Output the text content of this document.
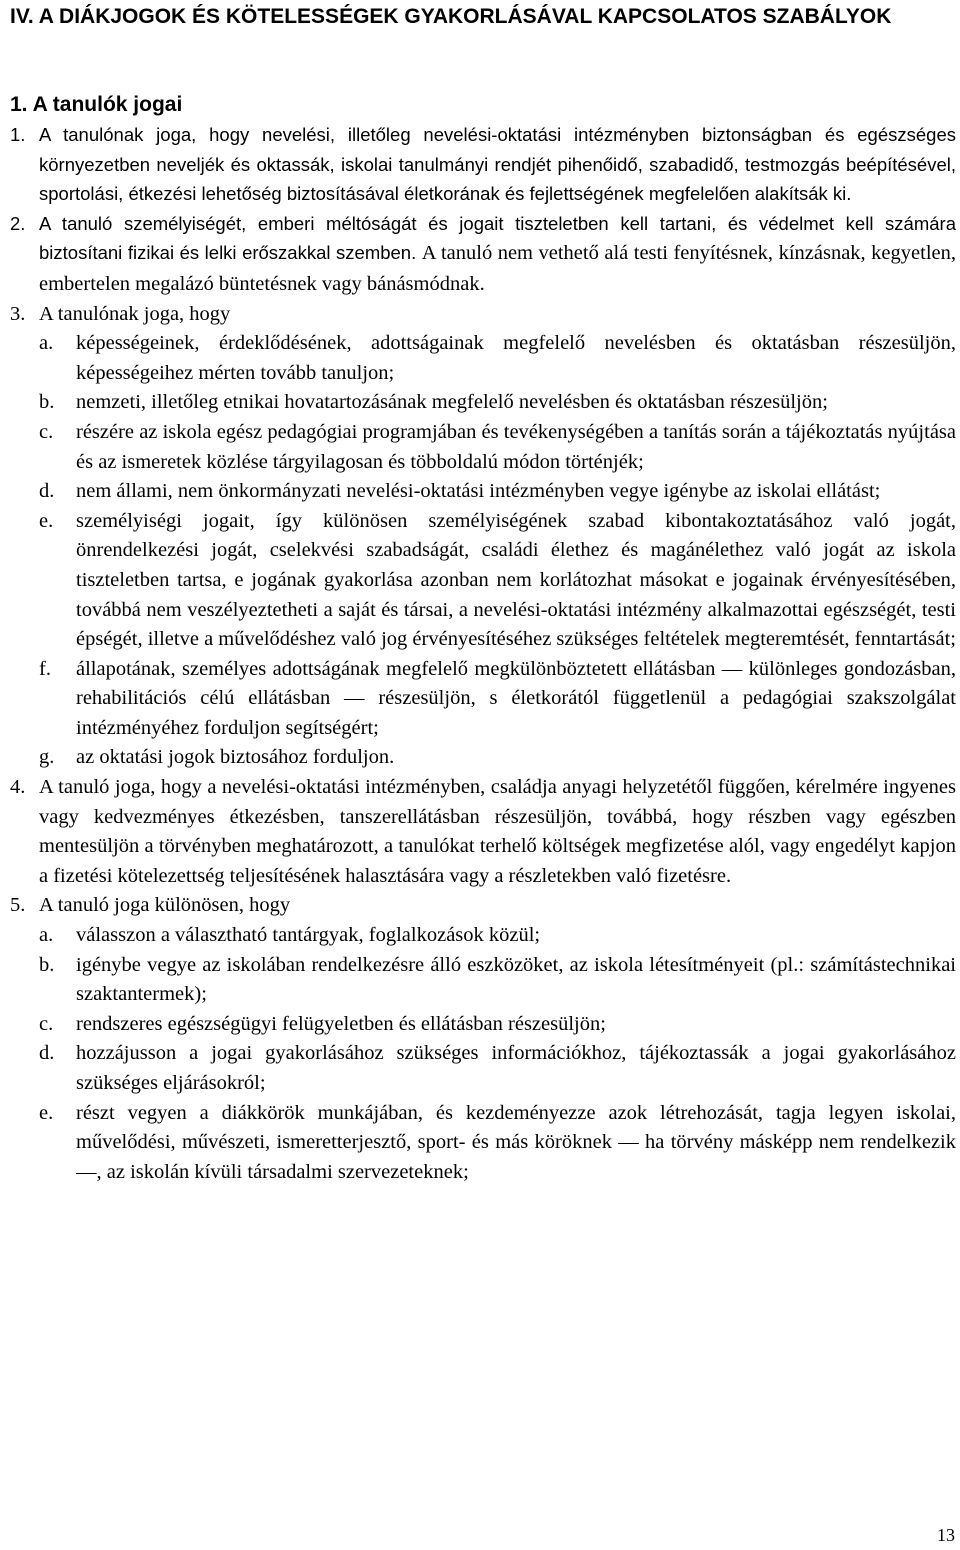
IV. A DIÁKJOGOK ÉS KÖTELESSÉGEK GYAKORLÁSÁVAL KAPCSOLATOS SZABÁLYOK
1. A tanulók jogai
1. A tanulónak joga, hogy nevelési, illetőleg nevelési-oktatási intézményben biztonságban és egészséges környezetben neveljék és oktassák, iskolai tanulmányi rendjét pihenőidő, szabadidő, testmozgás beépítésével, sportolási, étkezési lehetőség biztosításával életkorának és fejlettségének megfelelően alakítsák ki.
2. A tanuló személyiségét, emberi méltóságát és jogait tiszteletben kell tartani, és védelmet kell számára biztosítani fizikai és lelki erőszakkal szemben. A tanuló nem vethető alá testi fenyítésnek, kínzásnak, kegyetlen, embertelen megalázó büntetésnek vagy bánásmódnak.
3. A tanulónak joga, hogy
a.	képességeinek, érdeklődésének, adottságainak megfelelő nevelésben és oktatásban részesüljön, képességeihez mérten tovább tanuljon;
b.	nemzeti, illetőleg etnikai hovatartozásának megfelelő nevelésben és oktatásban részesüljön;
c.	részére az iskola egész pedagógiai programjában és tevékenységében a tanítás során a tájékoztatás nyújtása és az ismeretek közlése tárgyilagosan és többoldalú módon történjék;
d.	nem állami, nem önkormányzati nevelési-oktatási intézményben vegye igénybe az iskolai ellátást;
e.	személyiségi jogait, így különösen személyiségének szabad kibontakoztatásához való jogát, önrendelkezési jogát, cselekvési szabadságát, családi élethez és magánélethez való jogát az iskola tiszteletben tartsa, e jogának gyakorlása azonban nem korlátozhat másokat e jogainak érvényesítésében, továbbá nem veszélyeztetheti a saját és társai, a nevelési-oktatási intézmény alkalmazottai egészségét, testi épségét, illetve a művelődéshez való jog érvényesítéséhez szükséges feltételek megteremtését, fenntartását;
f.	állapotának, személyes adottságának megfelelő megkülönböztetett ellátásban — különleges gondozásban, rehabilitációs célú ellátásban — részesüljön, s életkorától függetlenül a pedagógiai szakszolgálat intézményéhez forduljon segítségért;
g.	az oktatási jogok biztosához forduljon.
4. A tanuló joga, hogy a nevelési-oktatási intézményben, családja anyagi helyzetétől függően, kérelmére ingyenes vagy kedvezményes étkezésben, tanszerellátásban részesüljön, továbbá, hogy részben vagy egészben mentesüljön a törvényben meghatározott, a tanulókat terhelő költségek megfizetése alól, vagy engedélyt kapjon a fizetési kötelezettség teljesítésének halasztására vagy a részletekben való fizetésre.
5. A tanuló joga különösen, hogy
a.	válasszon a választható tantárgyak, foglalkozások közül;
b.	igénybe vegye az iskolában rendelkezésre álló eszközöket, az iskola létesítményeit (pl.: számítástechnikai szaktantermek);
c.	rendszeres egészségügyi felügyeletben és ellátásban részesüljön;
d.	hozzájusson a jogai gyakorlásához szükséges információkhoz, tájékoztassák a jogai gyakorlásához szükséges eljárásokról;
e.	részt vegyen a diákkörök munkájában, és kezdeményezze azok létrehozását, tagja legyen iskolai, művelődési, művészeti, ismeretterjesztő, sport- és más köröknek — ha törvény másképp nem rendelkezik —, az iskolán kívüli társadalmi szervezeteknek;
13
